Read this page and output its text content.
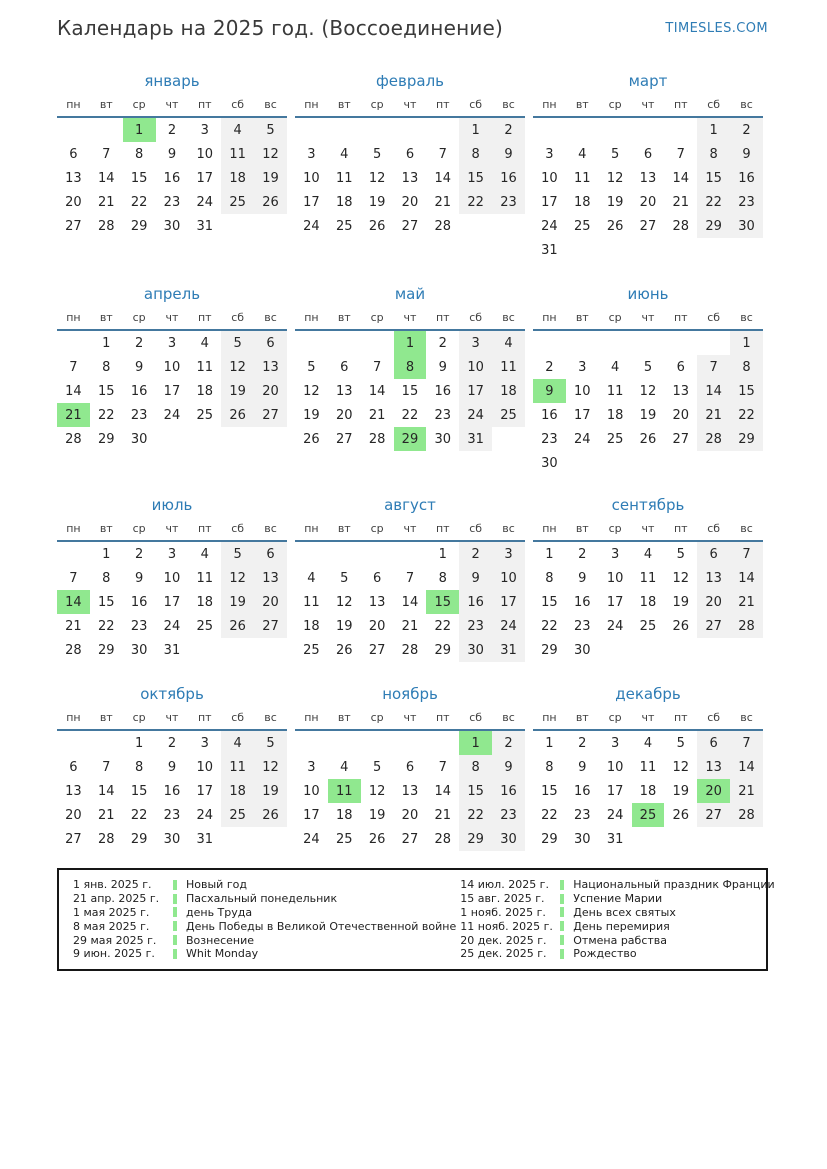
Календарь на 2025 год. (Воссоединение)	TIMESLES.COM
январь
пн	вт	ср	чт	пт	сб	вс
		1	2	3	4	5
6	7	8	9	10	11	12
13	14	15	16	17	18	19
20	21	22	23	24	25	26
27	28	29	30	31		
февраль
пн	вт	ср	чт	пт	сб	вс
					1	2
3	4	5	6	7	8	9
10	11	12	13	14	15	16
17	18	19	20	21	22	23
24	25	26	27	28		
март
пн	вт	ср	чт	пт	сб	вс
					1	2
3	4	5	6	7	8	9
10	11	12	13	14	15	16
17	18	19	20	21	22	23
24	25	26	27	28	29	30
31						
апрель
пн	вт	ср	чт	пт	сб	вс
	1	2	3	4	5	6
7	8	9	10	11	12	13
14	15	16	17	18	19	20
21	22	23	24	25	26	27
28	29	30				
май
пн	вт	ср	чт	пт	сб	вс
			1	2	3	4
5	6	7	8	9	10	11
12	13	14	15	16	17	18
19	20	21	22	23	24	25
26	27	28	29	30	31	
июнь
пн	вт	ср	чт	пт	сб	вс
						1
2	3	4	5	6	7	8
9	10	11	12	13	14	15
16	17	18	19	20	21	22
23	24	25	26	27	28	29
30						
июль
пн	вт	ср	чт	пт	сб	вс
	1	2	3	4	5	6
7	8	9	10	11	12	13
14	15	16	17	18	19	20
21	22	23	24	25	26	27
28	29	30	31			
август
пн	вт	ср	чт	пт	сб	вс
				1	2	3
4	5	6	7	8	9	10
11	12	13	14	15	16	17
18	19	20	21	22	23	24
25	26	27	28	29	30	31
сентябрь
пн	вт	ср	чт	пт	сб	вс
1	2	3	4	5	6	7
8	9	10	11	12	13	14
15	16	17	18	19	20	21
22	23	24	25	26	27	28
29	30					
октябрь
пн	вт	ср	чт	пт	сб	вс
		1	2	3	4	5
6	7	8	9	10	11	12
13	14	15	16	17	18	19
20	21	22	23	24	25	26
27	28	29	30	31		
ноябрь
пн	вт	ср	чт	пт	сб	вс
					1	2
3	4	5	6	7	8	9
10	11	12	13	14	15	16
17	18	19	20	21	22	23
24	25	26	27	28	29	30
декабрь
пн	вт	ср	чт	пт	сб	вс
1	2	3	4	5	6	7
8	9	10	11	12	13	14
15	16	17	18	19	20	21
22	23	24	25	26	27	28
29	30	31				
1 янв. 2025 г.	Новый год
21 апр. 2025 г.	Пасхальный понедельник
1 мая 2025 г.	день Труда
8 мая 2025 г.	День Победы в Великой Отечественной войне
29 мая 2025 г.	Вознесение
9 июн. 2025 г.	Whit Monday
14 июл. 2025 г.	Национальный праздник Франции
15 авг. 2025 г.	Успение Марии
1 нояб. 2025 г.	День всех святых
11 нояб. 2025 г.	День перемирия
20 дек. 2025 г.	Отмена рабства
25 дек. 2025 г.	Рождество
